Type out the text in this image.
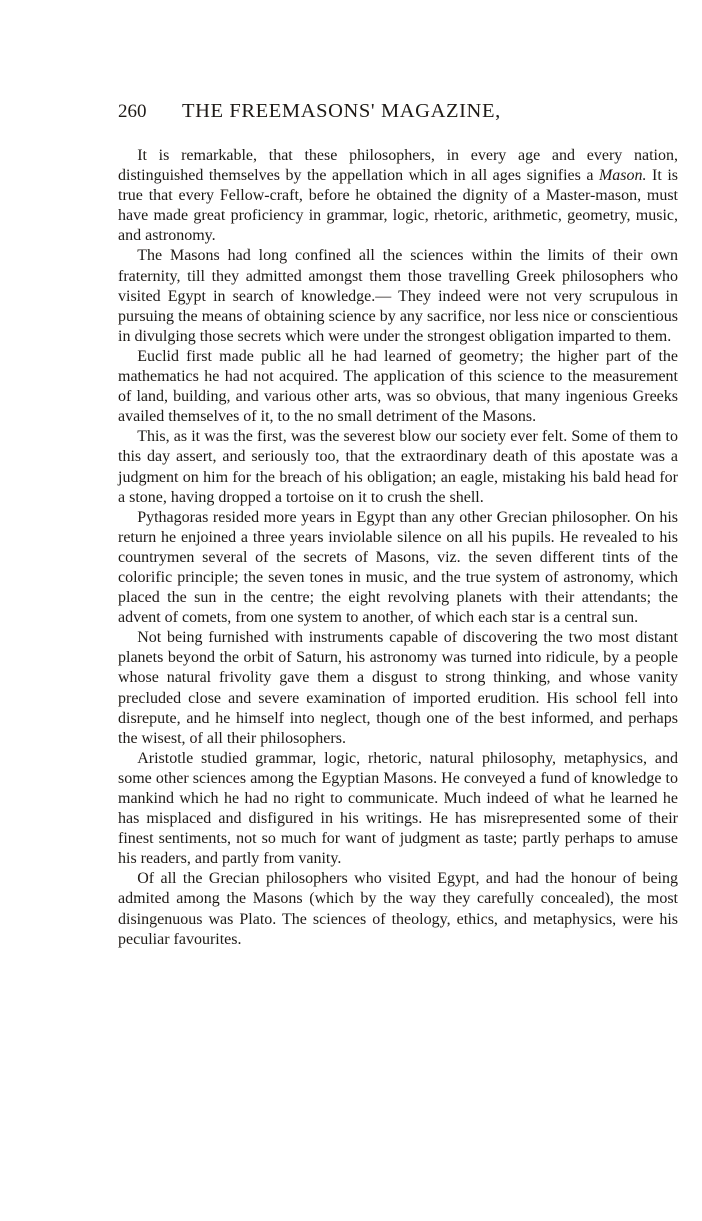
260	THE FREEMASONS' MAGAZINE,

It is remarkable, that these philosophers, in every age and every nation, distinguished themselves by the appellation which in all ages signifies a Mason. It is true that every Fellow-craft, before he obtained the dignity of a Master-mason, must have made great proficiency in grammar, logic, rhetoric, arithmetic, geometry, music, and astronomy.

The Masons had long confined all the sciences within the limits of their own fraternity, till they admitted amongst them those travelling Greek philosophers who visited Egypt in search of knowledge.— They indeed were not very scrupulous in pursuing the means of obtaining science by any sacrifice, nor less nice or conscientious in divulging those secrets which were under the strongest obligation imparted to them.

Euclid first made public all he had learned of geometry; the higher part of the mathematics he had not acquired. The application of this science to the measurement of land, building, and various other arts, was so obvious, that many ingenious Greeks availed themselves of it, to the no small detriment of the Masons.

This, as it was the first, was the severest blow our society ever felt. Some of them to this day assert, and seriously too, that the extraordinary death of this apostate was a judgment on him for the breach of his obligation; an eagle, mistaking his bald head for a stone, having dropped a tortoise on it to crush the shell.

Pythagoras resided more years in Egypt than any other Grecian philosopher. On his return he enjoined a three years inviolable silence on all his pupils. He revealed to his countrymen several of the secrets of Masons, viz. the seven different tints of the colorific principle; the seven tones in music, and the true system of astronomy, which placed the sun in the centre; the eight revolving planets with their attendants; the advent of comets, from one system to another, of which each star is a central sun.

Not being furnished with instruments capable of discovering the two most distant planets beyond the orbit of Saturn, his astronomy was turned into ridicule, by a people whose natural frivolity gave them a disgust to strong thinking, and whose vanity precluded close and severe examination of imported erudition. His school fell into disrepute, and he himself into neglect, though one of the best informed, and perhaps the wisest, of all their philosophers.

Aristotle studied grammar, logic, rhetoric, natural philosophy, metaphysics, and some other sciences among the Egyptian Masons. He conveyed a fund of knowledge to mankind which he had no right to communicate. Much indeed of what he learned he has misplaced and disfigured in his writings. He has misrepresented some of their finest sentiments, not so much for want of judgment as taste; partly perhaps to amuse his readers, and partly from vanity.

Of all the Grecian philosophers who visited Egypt, and had the honour of being admited among the Masons (which by the way they carefully concealed), the most disingenuous was Plato. The sciences of theology, ethics, and metaphysics, were his peculiar favourites.
